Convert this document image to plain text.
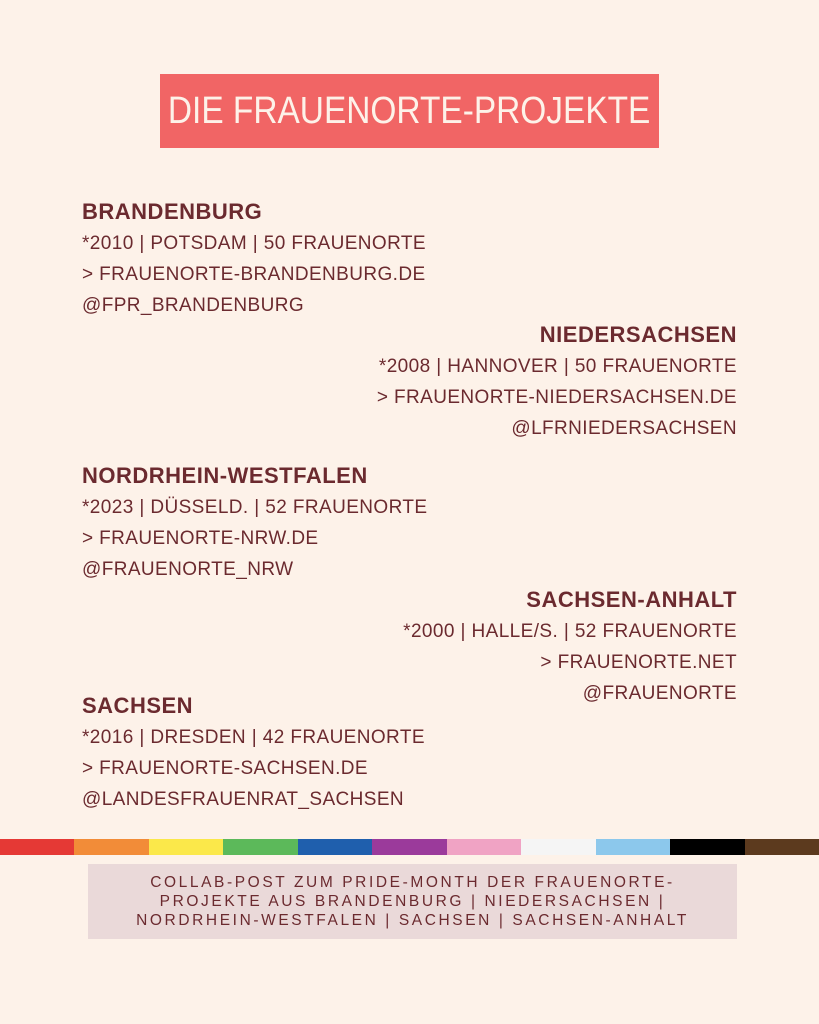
DIE FRAUENORTE-PROJEKTE
BRANDENBURG
*2010 | POTSDAM | 50 FRAUENORTE
> FRAUENORTE-BRANDENBURG.DE
@FPR_BRANDENBURG
NIEDERSACHSEN
*2008 | HANNOVER | 50 FRAUENORTE
> FRAUENORTE-NIEDERSACHSEN.DE
@LFRNIEDERSACHSEN
NORDRHEIN-WESTFALEN
*2023 | DÜSSELD. | 52 FRAUENORTE
> FRAUENORTE-NRW.DE
@FRAUENORTE_NRW
SACHSEN-ANHALT
*2000 | HALLE/S. | 52 FRAUENORTE
> FRAUENORTE.NET
@FRAUENORTE
SACHSEN
*2016 | DRESDEN | 42 FRAUENORTE
> FRAUENORTE-SACHSEN.DE
@LANDESFRAUENRAT_SACHSEN
COLLAB-POST ZUM PRIDE-MONTH DER FRAUENORTE-
PROJEKTE AUS BRANDENBURG | NIEDERSACHSEN |
NORDRHEIN-WESTFALEN | SACHSEN | SACHSEN-ANHALT
